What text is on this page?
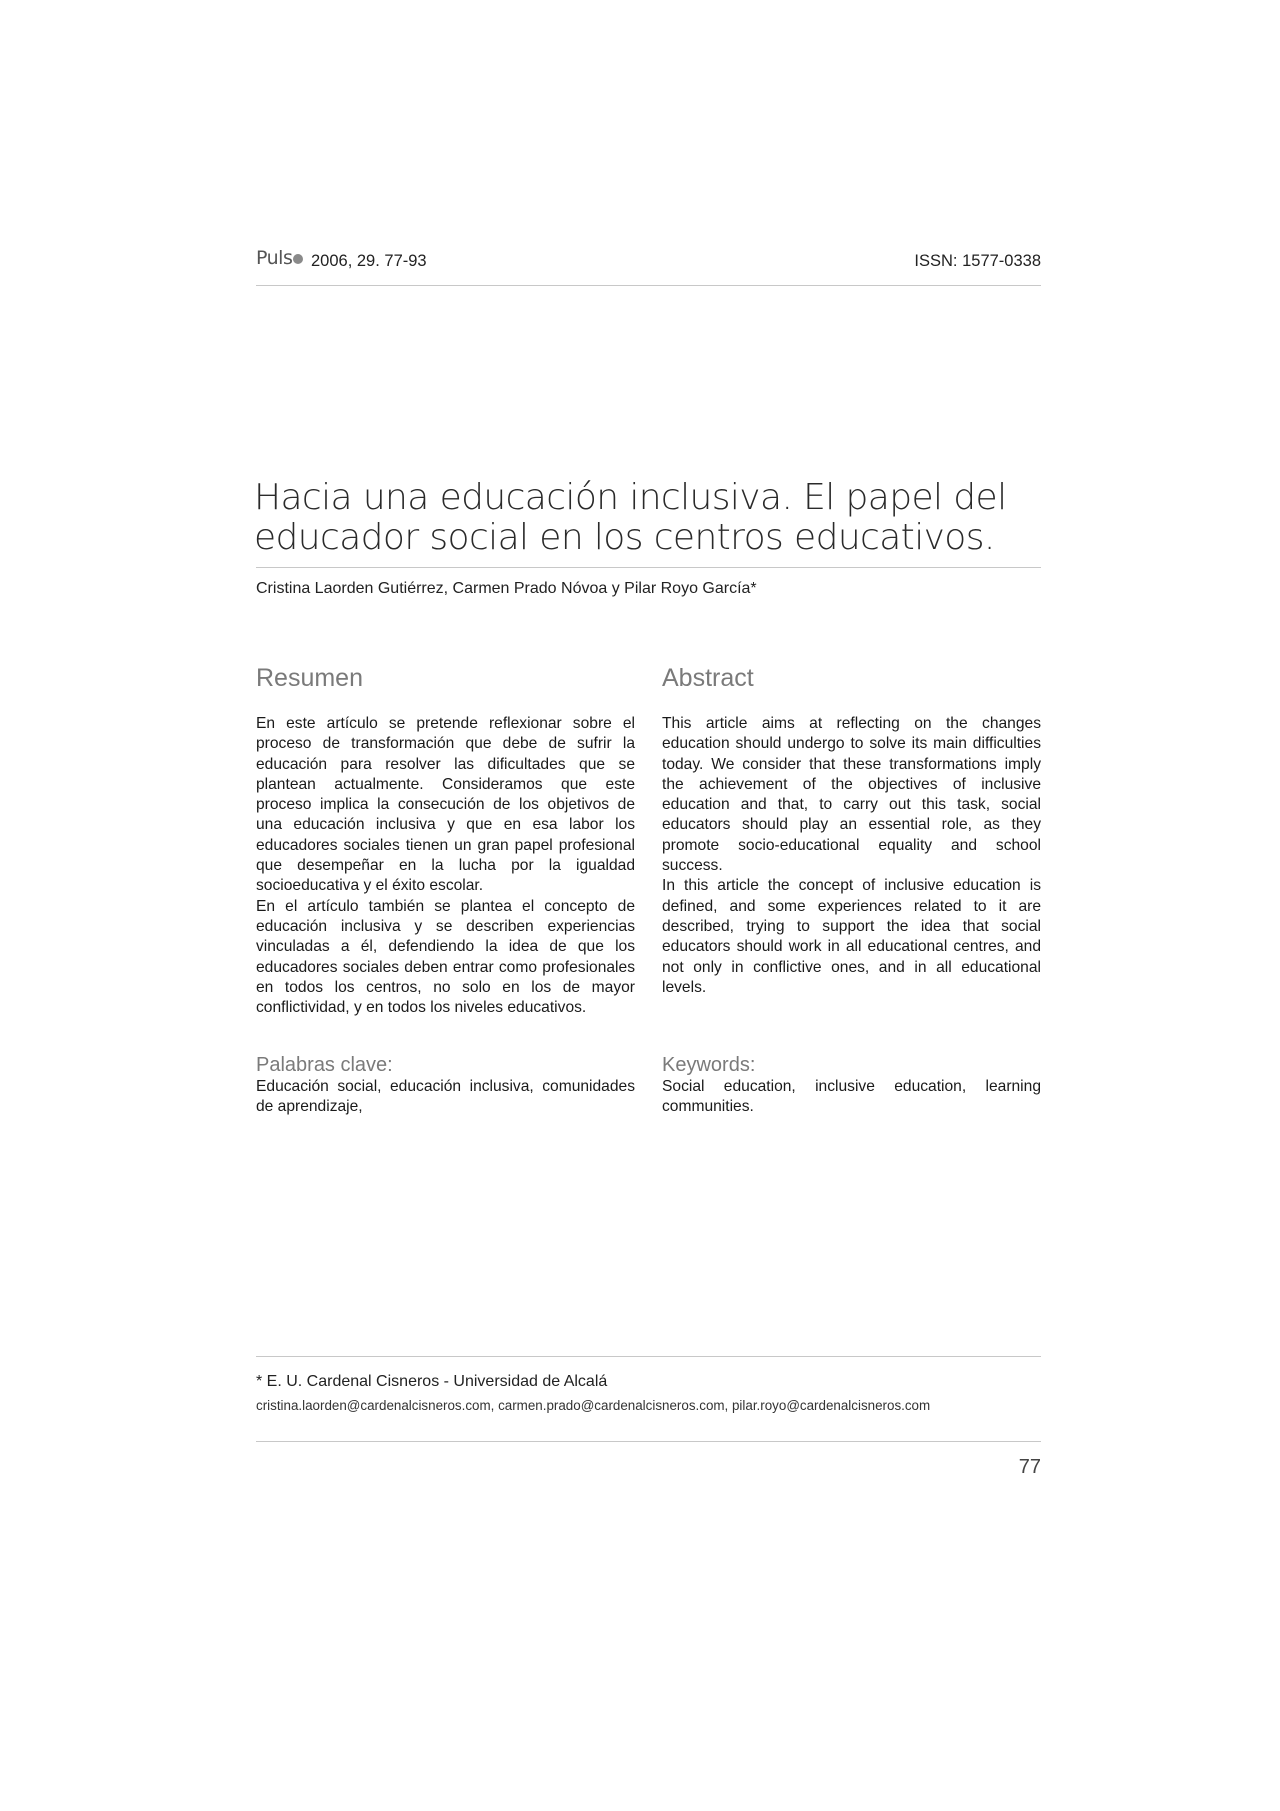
Puls	2006, 29. 77-93	ISSN: 1577-0338
Hacia una educación inclusiva. El papel del
educador social en los centros educativos.
Cristina Laorden Gutiérrez, Carmen Prado Nóvoa y Pilar Royo García*
Resumen

En este artículo se pretende reflexionar sobre el proceso de transformación que debe de sufrir la educación para resolver las dificultades que se plantean actualmente. Consideramos que este proceso implica la consecución de los objetivos de una educación inclusiva y que en esa labor los educadores sociales tienen un gran papel profesional que desempeñar en la lucha por la igualdad socioeducativa y el éxito escolar.

En el artículo también se plantea el concepto de educación inclusiva y se describen experiencias vinculadas a él, defendiendo la idea de que los educadores sociales deben entrar como profesionales en todos los centros, no solo en los de mayor conflictividad, y en todos los niveles educativos.

Palabras clave:
Educación social, educación inclusiva, comunidades de aprendizaje,
Abstract

This article aims at reflecting on the changes education should undergo to solve its main difficulties today. We consider that these transformations imply the achievement of the objectives of inclusive education and that, to carry out this task, social educators should play an essential role, as they promote socio-educational equality and school success.

In this article the concept of inclusive education is defined, and some experiences related to it are described, trying to support the idea that social educators should work in all educational centres, and not only in conflictive ones, and in all educational levels.

Keywords:
Social education, inclusive education, learning communities.
* E. U. Cardenal Cisneros - Universidad de Alcalá
cristina.laorden@cardenalcisneros.com, carmen.prado@cardenalcisneros.com, pilar.royo@cardenalcisneros.com
77
